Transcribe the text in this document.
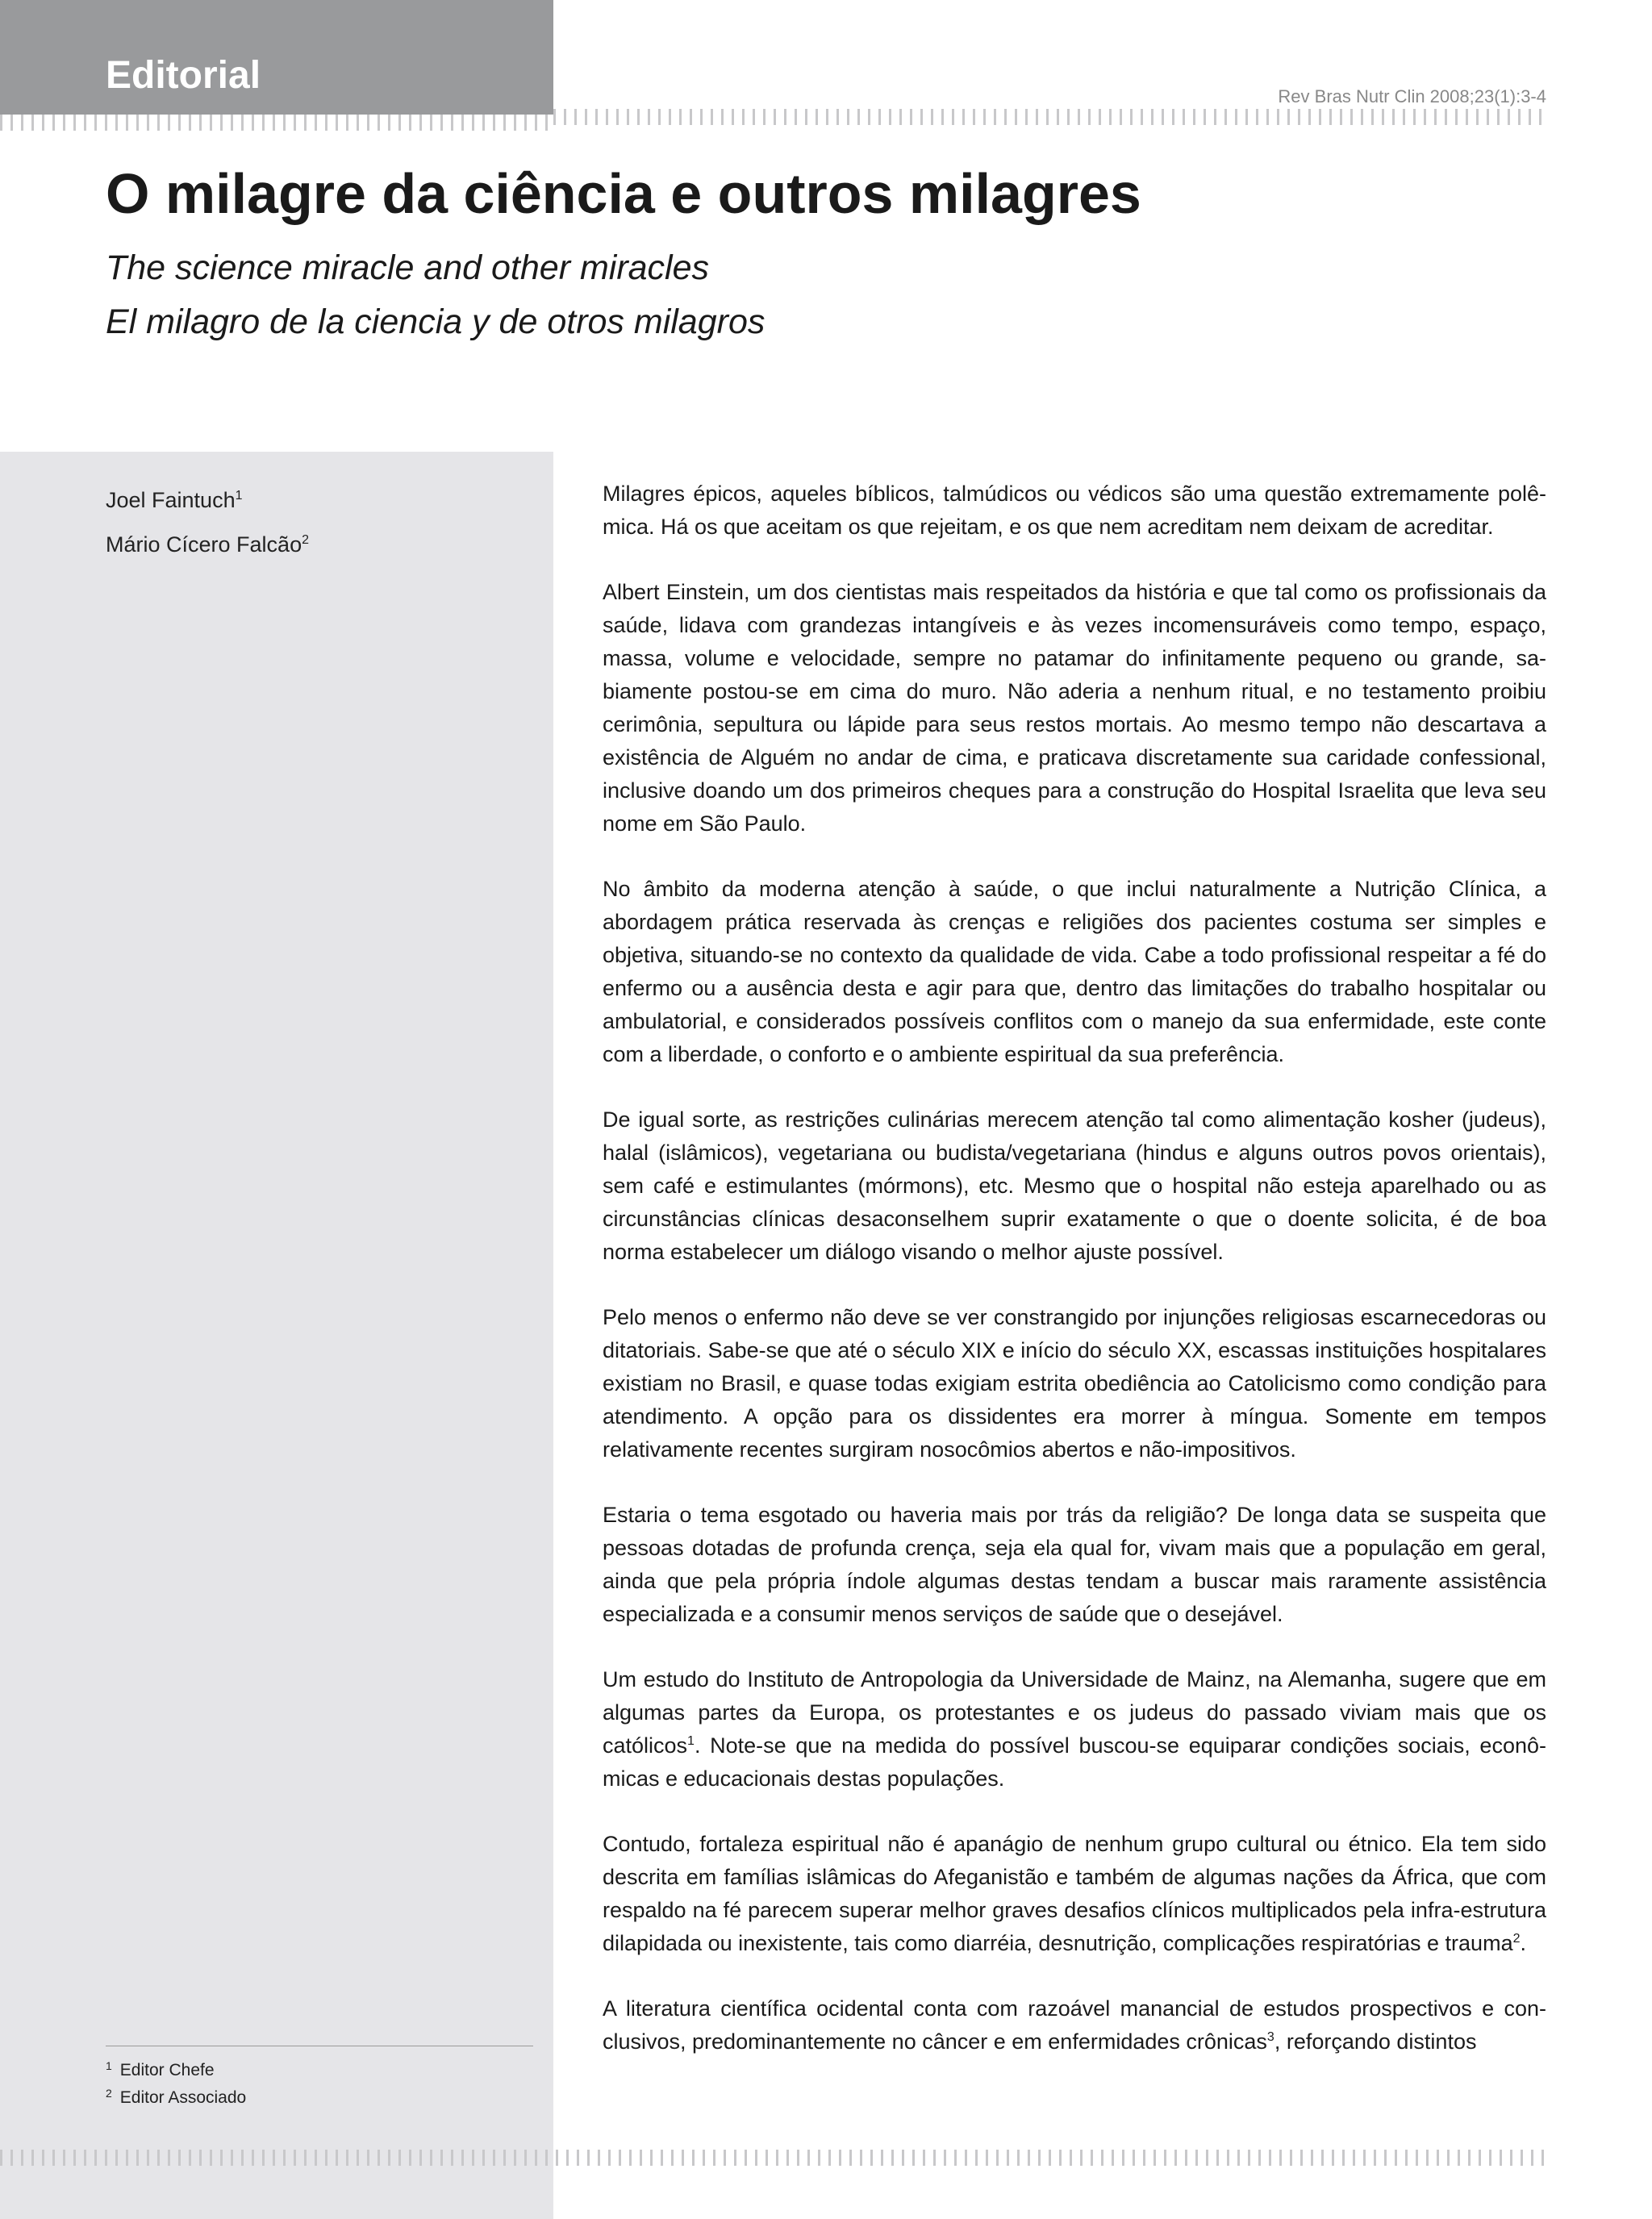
Editorial	Rev Bras Nutr Clin 2008;23(1):3-4
O milagre da ciência e outros milagres

The science miracle and other miracles

El milagro de la ciencia y de otros milagros

Joel Faintuch$^1$
Mário Cícero Falcão$^2$
$^1$ Editor Chefe
$^2$ Editor Associado

Milagres épicos, aqueles bíblicos, talmúdicos ou védicos são uma questão extremamente polêmica. Há os que aceitam os que rejeitam, e os que nem acreditam nem deixam de acreditar.

Albert Einstein, um dos cientistas mais respeitados da história e que tal como os profissionais da saúde, lidava com grandezas intangíveis e às vezes incomensuráveis como tempo, espaço, massa, volume e velocidade, sempre no patamar do infinitamente pequeno ou grande, sabiamente postou-se em cima do muro. Não aderia a nenhum ritual, e no testamento proibiu cerimônia, sepultura ou lápide para seus restos mortais. Ao mesmo tempo não descartava a existência de Alguém no andar de cima, e praticava discretamente sua caridade confessional, inclusive doando um dos primeiros cheques para a construção do Hospital Israelita que leva seu nome em São Paulo.

No âmbito da moderna atenção à saúde, o que inclui naturalmente a Nutrição Clínica, a abordagem prática reservada às crenças e religiões dos pacientes costuma ser simples e objetiva, situando-se no contexto da qualidade de vida. Cabe a todo profissional respeitar a fé do enfermo ou a ausência desta e agir para que, dentro das limitações do trabalho hospitalar ou ambulatorial, e considerados possíveis conflitos com o manejo da sua enfermidade, este conte com a liberdade, o conforto e o ambiente espiritual da sua preferência.

De igual sorte, as restrições culinárias merecem atenção tal como alimentação kosher (judeus), halal (islâmicos), vegetariana ou budista/vegetariana (hindus e alguns outros povos orientais), sem café e estimulantes (mórmons), etc. Mesmo que o hospital não esteja aparelhado ou as circunstâncias clínicas desaconselhem suprir exatamente o que o doente solicita, é de boa norma estabelecer um diálogo visando o melhor ajuste possível.

Pelo menos o enfermo não deve se ver constrangido por injunções religiosas escarnecedoras ou ditatoriais. Sabe-se que até o século XIX e início do século XX, escassas instituições hospitalares existiam no Brasil, e quase todas exigiam estrita obediência ao Catolicismo como condição para atendimento. A opção para os dissidentes era morrer à míngua. Somente em tempos relativamente recentes surgiram nosocômios abertos e não-impositivos.

Estaria o tema esgotado ou haveria mais por trás da religião? De longa data se suspeita que pessoas dotadas de profunda crença, seja ela qual for, vivam mais que a população em geral, ainda que pela própria índole algumas destas tendam a buscar mais raramente assistência especializada e a consumir menos serviços de saúde que o desejável.

Um estudo do Instituto de Antropologia da Universidade de Mainz, na Alemanha, sugere que em algumas partes da Europa, os protestantes e os judeus do passado viviam mais que os católicos$^1$. Note-se que na medida do possível buscou-se equiparar condições sociais, econômicas e educacionais destas populações.

Contudo, fortaleza espiritual não é apanágio de nenhum grupo cultural ou étnico. Ela tem sido descrita em famílias islâmicas do Afeganistão e também de algumas nações da África, que com respaldo na fé parecem superar melhor graves desafios clínicos multiplicados pela infra-estrutura dilapidada ou inexistente, tais como diarréia, desnutrição, complicações respiratórias e trauma$^2$.

A literatura científica ocidental conta com razoável manancial de estudos prospectivos e conclusivos, predominantemente no câncer e em enfermidades crônicas$^3$, reforçando distintos
